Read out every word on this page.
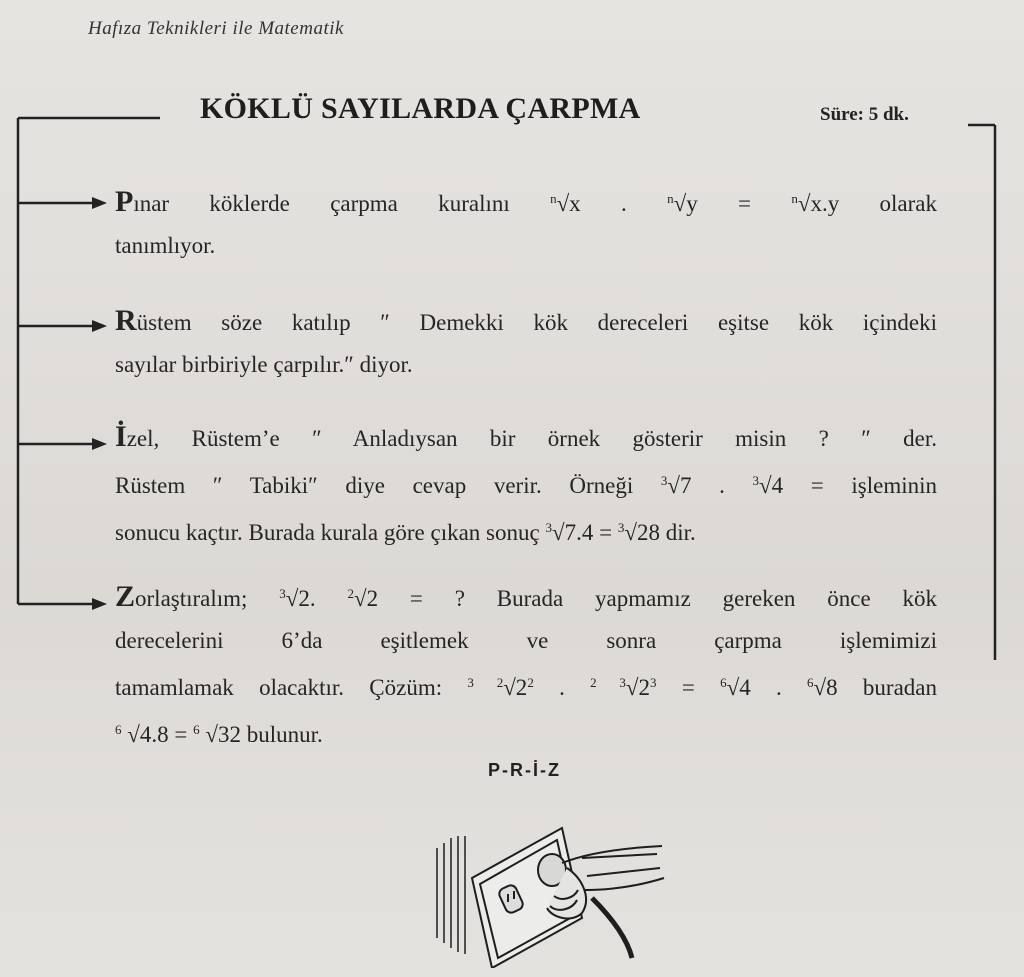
Hafıza Teknikleri ile Matematik
KÖKLÜ SAYILARDA ÇARPMA	Süre: 5 dk.
Pınar köklerde çarpma kuralını	$^n$√x . $^n$√y = $^n$√x.y olarak
tanımlıyor.
Rüstem söze katılıp ″ Demekki kök dereceleri eşitse kök içindeki
sayılar birbiriyle çarpılır.″ diyor.
İzel, Rüstem’e ″ Anladıysan bir örnek gösterir misin ? ″ der.
Rüstem ″ Tabiki″ diye cevap verir. Örneği $^3$√7 . $^3$√4 = işleminin
sonucu kaçtır. Burada kurala göre çıkan sonuç $^3$√7.4 = $^3$√28 dir.
Zorlaştıralım; $^3$√2. $^2$√2 = ? Burada yapmamız gereken önce kök
derecelerini 6’da eşitlemek ve sonra çarpma işlemimizi
tamamlamak olacaktır. Çözüm: $^{3 2}√2^2$ . $^{2 3}√2^3 = ^6√4$ . $^6$√8 buradan
$^6$ √4.8 = $^6$ √32 bulunur.
P-R-İ-Z
